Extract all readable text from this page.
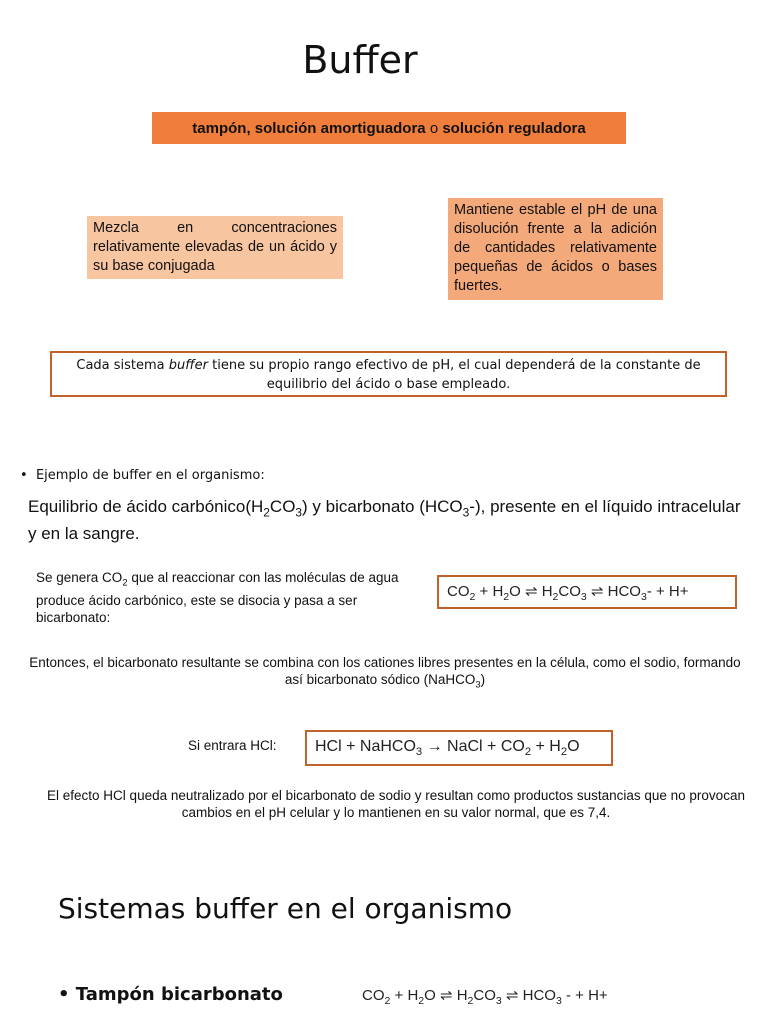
Buffer
tampón, solución amortiguadora o solución reguladora
Mezcla en concentraciones relativamente elevadas de un ácido y su base conjugada
Mantiene estable el pH de una disolución frente a la adición de cantidades relativamente pequeñas de ácidos o bases fuertes.
Cada sistema buffer tiene su propio rango efectivo de pH, el cual dependerá de la constante de equilibrio del ácido o base empleado.
•  Ejemplo de buffer en el organismo:
Equilibrio de ácido $carbónico(H_2CO_3)$ y bicarbonato $(HCO_3-)$, presente en el líquido intracelular y en la sangre.
Se genera $CO_2$ que al reaccionar con las moléculas de agua produce ácido carbónico, este se disocia y pasa a ser bicarbonato:
$CO_2 + H_2O$ ⇌ $H_2CO_3$ ⇌ $HCO_3- + H+$
Entonces, el bicarbonato resultante se combina con los cationes libres presentes en la célula, como el sodio, formando así bicarbonato sódico (NaHCO$_3$)
Si entrara HCl: HCl + NaHCO$_3$ → NaCl + $CO_2 + H_2O$
El efecto HCl queda neutralizado por el bicarbonato de sodio y resultan como productos sustancias que no provocan cambios en el pH celular y lo mantienen en su valor normal, que es 7,4.
Sistemas buffer en el organismo
• Tampón bicarbonato	$CO_2 + H_2O$ ⇌ $H_2CO_3$ ⇌ $HCO_3$ - + H+
